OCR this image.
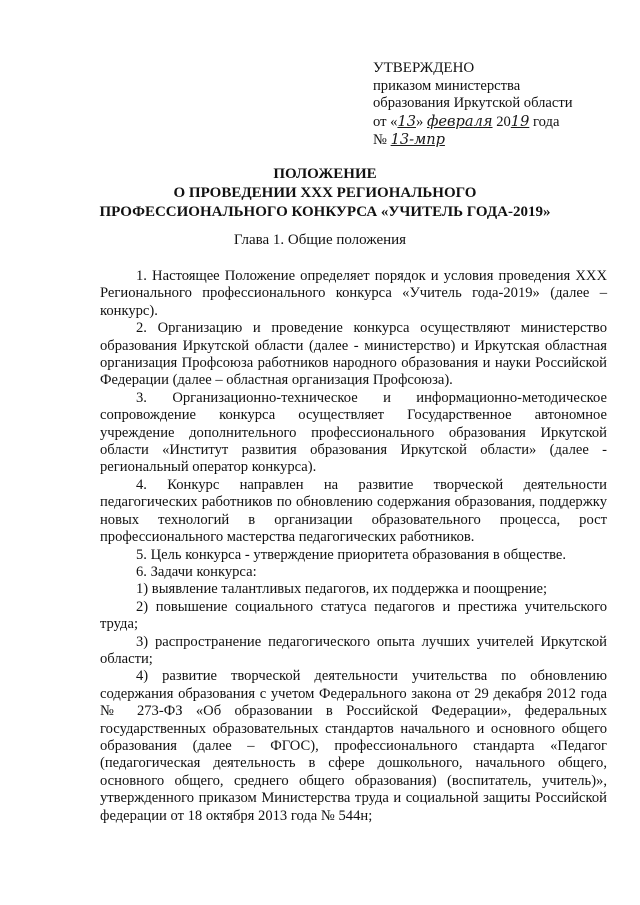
УТВЕРЖДЕНО
приказом министерства
образования Иркутской области
от «13» февраля 2019 года
№ 13-мпр
ПОЛОЖЕНИЕ
О ПРОВЕДЕНИИ XXX РЕГИОНАЛЬНОГО
ПРОФЕССИОНАЛЬНОГО КОНКУРСА «УЧИТЕЛЬ ГОДА-2019»
Глава 1. Общие положения

1. Настоящее Положение определяет порядок и условия проведения XXX Регионального профессионального конкурса «Учитель года-2019» (далее – конкурс).

2. Организацию и проведение конкурса осуществляют министерство образования Иркутской области (далее - министерство) и Иркутская областная организация Профсоюза работников народного образования и науки Российской Федерации (далее – областная организация Профсоюза).

3. Организационно-техническое и информационно-методическое сопровождение конкурса осуществляет Государственное автономное учреждение дополнительного профессионального образования Иркутской области «Институт развития образования Иркутской области» (далее - региональный оператор конкурса).

4. Конкурс направлен на развитие творческой деятельности педагогических работников по обновлению содержания образования, поддержку новых технологий в организации образовательного процесса, рост профессионального мастерства педагогических работников.

5. Цель конкурса - утверждение приоритета образования в обществе.

6. Задачи конкурса:

1) выявление талантливых педагогов, их поддержка и поощрение;

2) повышение социального статуса педагогов и престижа учительского труда;

3) распространение педагогического опыта лучших учителей Иркутской области;

4) развитие творческой деятельности учительства по обновлению содержания образования с учетом Федерального закона от 29 декабря 2012 года № 273-ФЗ «Об образовании в Российской Федерации», федеральных государственных образовательных стандартов начального и основного общего образования (далее – ФГОС), профессионального стандарта «Педагог (педагогическая деятельность в сфере дошкольного, начального общего, основного общего, среднего общего образования) (воспитатель, учитель)», утвержденного приказом Министерства труда и социальной защиты Российской федерации от 18 октября 2013 года № 544н;
